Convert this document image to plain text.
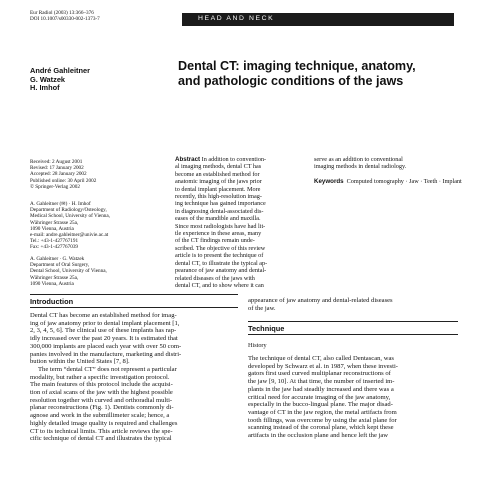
Eur Radiol (2003) 13:366–376
DOI 10.1007/s00330-002-1373-7	HEAD AND NECK
André Gahleitner
G. Watzek
H. Imhof
Dental CT: imaging technique, anatomy,
and pathologic conditions of the jaws
Received: 2 August 2001
Revised: 17 January 2002
Accepted: 28 January 2002
Published online: 30 April 2002
© Springer-Verlag 2002
A. Gahleitner (✉) · H. Imhof
Department of Radiology/Osteology,
Medical School, University of Vienna,
Währinger Strasse 25a,
1090 Vienna, Austria
e-mail: andre.gahleitner@univie.ac.at
Tel.: +43-1-427767191
Fax: +43-1-427767039
A. Gahleitner · G. Watzek
Department of Oral Surgery,
Dental School, University of Vienna,
Währinger Strasse 25a,
1090 Vienna, Austria
Abstract In addition to convention-
al imaging methods, dental CT has
become an established method for
anatomic imaging of the jaws prior
to dental implant placement. More
recently, this high-resolution imag-
ing technique has gained importance
in diagnosing dental-associated dis-
eases of the mandible and maxilla.
Since most radiologists have had lit-
tle experience in these areas, many
of the CT findings remain unde-
scribed. The objective of this review
article is to present the technique of
dental CT, to illustrate the typical ap-
pearance of jaw anatomy and dental-
related diseases of the jaws with
dental CT, and to show where it can
serve as an addition to conventional
imaging methods in dental radiology.
Keywords Computed tomography · Jaw · Teeth · Implant
Introduction
Dental CT has become an established method for imag-
ing of jaw anatomy prior to dental implant placement [1,
2, 3, 4, 5, 6]. The clinical use of these implants has rap-
idly increased over the past 20 years. It is estimated that
300,000 implants are placed each year with over 50 com-
panies involved in the manufacture, marketing and distri-
bution within the United States [7, 8].
The term “dental CT” does not represent a particular
modality, but rather a specific investigation protocol.
The main features of this protocol include the acquisi-
tion of axial scans of the jaw with the highest possible
resolution together with curved and orthoradial multi-
planar reconstructions (Fig. 1). Dentists commonly di-
agnose and work in the submillimeter scale; hence, a
highly detailed image quality is required and challenges
CT to its technical limits. This article reviews the spe-
cific technique of dental CT and illustrates the typical
appearance of jaw anatomy and dental-related diseases
of the jaw.
Technique
History
The technique of dental CT, also called Dentascan, was
developed by Schwarz et al. in 1987, when these investi-
gators first used curved multiplanar reconstructions of
the jaw [9, 10]. At that time, the number of inserted im-
plants in the jaw had steadily increased and there was a
critical need for accurate imaging of the jaw anatomy,
especially in the bucco-lingual plane. The major disad-
vantage of CT in the jaw region, the metal artifacts from
tooth fillings, was overcome by using the axial plane for
scanning instead of the coronal plane, which kept these
artifacts in the occlusion plane and hence left the jaw
